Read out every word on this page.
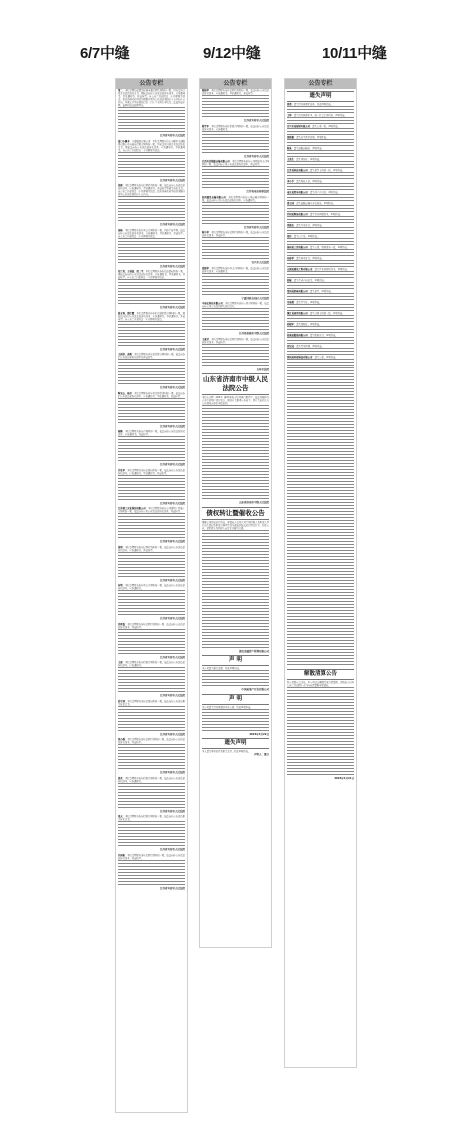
6/7中缝	9/12中缝	10/11中缝
公告专栏
第二：本院受理的赵建治诉杨奎强民间借贷纠纷一案，因无法用其他方式送达诉讼文书，现依法向你公告送达起诉状副本、应诉通知书、举证通知书、开庭传票。自公告之日起经过三十日即视为送达。提出答辩状和举证的期限分别为公告送达期满后十五日和十五日内。本案定于举证期满后第三日上午九时在本院第二法庭开庭审理，逾期将依法缺席判决。
江苏省句容市人民法院
富口小额本：金融服务有限公司：本院受理原告常口小额本金融服务有限公司与被告借款合同纠纷一案，因无法用其他方式送达诉讼文书，现依法向你公告送达起诉状副本、应诉通知书、举证通知书。自公告之日起经过三十日即视为送达。
江苏省句容市人民法院
胡清：本院受理原告诉你民间借贷纠纷一案，依法向你公告送达起诉状副本、应诉通知书、举证通知书、开庭传票及相关诉讼文书。自公告之日起经过三十日即视为送达。提出答辩状和举证的期限分别为公告送达期满后十五日内。
江苏省句容市人民法院
汤杨：本院受理原告诉你买卖合同纠纷一案，因你下落不明，依法向你公告送达起诉状副本、应诉通知书、举证通知书、开庭传票。自公告之日起经过三十日即视为送达。
江苏省句容市人民法院
刘兰英、王春波、周二平：本院受理原告诉你们追偿权纠纷一案，现依法向你们公告送达起诉状副本、应诉通知书、举证通知书、开庭传票。自公告之日起经过三十日即视为送达。
江苏省句容市人民法院
蓝永贤、蔡红霞：本院受理原告诉你们金融借款合同纠纷一案，现依法向你们公告送达起诉状副本、应诉通知书、举证通知书、开庭传票。自公告之日起经过三十日即视为送达。
江苏省句容市人民法院
王国伟、黄莉：本院受理原告诉你们借款合同纠纷一案，依法向你们公告送达起诉状副本及开庭传票。
江苏省句容市人民法院
陶文山、杨芳：本院受理原告诉你们民间借贷纠纷一案，依法向你们公告送达起诉状副本、应诉通知书、举证通知书、开庭传票。
江苏省句容市人民法院
杨鹤：本院受理原告诉你合同纠纷一案，依法向你公告送达起诉状副本、应诉通知书、开庭传票。
江苏省句容市人民法院
许景华：本院受理原告诉你追偿权纠纷一案，依法向你公告送达起诉状副本、应诉通知书、举证通知书、开庭传票。
江苏省句容市人民法院
江苏建工实业集团有限公司：本院受理原告诉你公司建设工程施工合同纠纷一案，依法向你公司公告送达起诉状副本、开庭传票。
江苏省句容市人民法院
张明：本院受理原告诉你民间借贷纠纷一案，依法向你公告送达起诉状副本、应诉通知书、开庭传票。
江苏省句容市人民法院
何明：本院受理原告诉你买卖合同纠纷一案，依法向你公告送达起诉状副本、应诉通知书。
江苏省句容市人民法院
沙泽磊：本院受理原告诉你民间借贷纠纷一案，依法向你公告送达起诉状副本、开庭传票。
江苏省句容市人民法院
王雷：本院受理原告诉你借款合同纠纷一案，依法向你公告送达起诉状副本、应诉通知书。
江苏省句容市人民法院
孙宇清：本院受理原告诉你追偿权纠纷一案，依法向你公告送达相关诉讼文书。
江苏省句容市人民法院
徐小静：本院受理原告诉你民间借贷纠纷一案，依法向你公告送达起诉状副本、开庭传票。
江苏省句容市人民法院
张兆：本院受理原告诉你借款合同纠纷一案，依法向你公告送达起诉状副本、应诉通知书。
江苏省句容市人民法院
张天：本院受理原告诉你借款合同纠纷一案，依法向你公告送达相关诉讼文书。
江苏省句容市人民法院
许国栋：本院受理原告诉你民间借贷纠纷一案，依法向你公告送达起诉状副本、开庭传票。
江苏省句容市人民法院
公告专栏
陈建华：本院受理原告诉你民间借贷纠纷一案，依法向你公告送达起诉状副本、应诉通知书、举证通知书、开庭传票。
江苏省句容市人民法院
陈学军：本院受理原告诉你借款合同纠纷一案，依法向你公告送达起诉状副本、应诉通知书。
江苏省句容市人民法院
江西有余船舶运输有限公司：本院受理原告诉你公司船舶买卖合同纠纷一案，依法向你公司公告送达起诉状副本、开庭传票。
江苏省南京海事法院
杭州翼星运输有限公司：本院受理原告诉你公司运输合同纠纷一案，依法向你公司公告送达起诉状副本、应诉通知书。
江苏省句容市人民法院
陈中华：本院受理原告诉你民间借贷纠纷一案，依法向你公告送达起诉状副本、开庭传票。
宜兴市人民法院
涂建华：本院受理原告诉你买卖合同纠纷一案，依法向你公告送达起诉状副本、应诉通知书。
宁夏回族自治区人民法院
中南亿科技有限公司：本院受理原告诉你公司合同纠纷一案，依法向你公司公告送达相关诉讼文书。
江苏省盐城市中级人民法院
王素芳：本院受理原告诉你民间借贷纠纷一案，依法向你公告送达起诉状副本、开庭传票。
玉环市法院
山东省济南市中级人民法院公告
本院在审理（2023）鲁01执恢字第号执行案件中，依法对被执行人名下的财产进行拍卖，现将有关事项公告如下，请有关权利人在公告期内向本院申报权利。
山东省济南市中级人民法院
债权转让暨催收公告
根据公司债权转让协议，原债权人已将其对下列借款人及担保人享有的主债权及担保合同项下的全部权利依法转让给受让方，特此公告，请借款人及担保人向受让方履行义务。
湖北金融资产管理有限公司
声 明
本公司遗失相关证照，特此声明作废。
中国某地产开发有限公司
声 明
本公司遗失营业执照副本及公章，特此声明作废。
2023年4月22日
遗失声明
本人遗失身份证件及相关文件，特此声明作废。
声明人：潘立
公告专栏
遗失声明
徐勇：遗失营业执照正副本，特此声明作废。
王坤：遗失营业执照正本，统一社会信用代码，声明作废。
宜兴市某建材有限公司：遗失公章一枚，声明作废。
张晓雄：遗失出生医学证明，声明作废。
陈某：遗失道路运输证，声明作废。
王荣生：遗失身份证，声明作废。
江苏某科技有限公司：遗失发票专用章一枚，声明作废。
李小平：遗失残疾人证，声明作废。
南京某贸易有限公司：遗失开户许可证，声明作废。
周立国：遗失道路运输从业资格证，声明作废。
苏州某物流有限公司：遗失营业执照副本，声明作废。
邓俊杰：遗失毕业证书，声明作废。
张伟：遗失房产证，声明作废。
扬州某工贸有限公司：遗失公章、财务章各一枚，声明作废。
刘春华：遗失执业证书，声明作废。
无锡某建设工程有限公司：遗失营业执照正副本，声明作废。
赵敏：遗失不动产权证书，声明作废。
常州某机械有限公司：遗失发票，声明作废。
吴海燕：遗失学生证，声明作废。
镇江某商贸有限公司：遗失合同专用章一枚，声明作废。
孙建军：遗失驾驶证，声明作废。
盐城某船舶有限公司：遗失船舶证书，声明作废。
胡宝成：遗失营业执照，声明作废。
徐州某环保科技有限公司：遗失公章，声明作废。
解散清算公告
经公司股东会决议，本公司决定解散并成立清算组，请债权人自本公告之日起四十五日内向清算组申报债权。
2023年4月21日
